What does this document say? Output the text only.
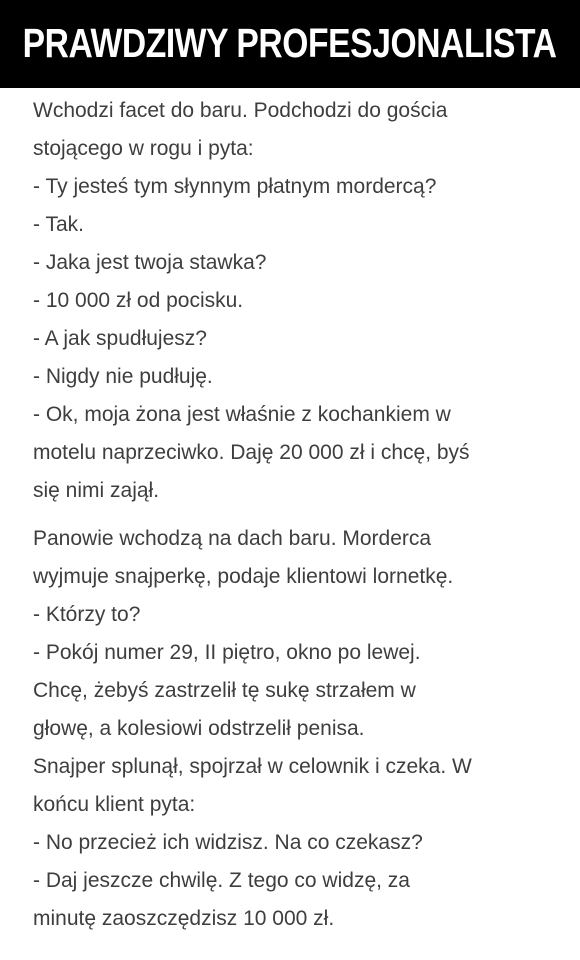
PRAWDZIWY PROFESJONALISTA
Wchodzi facet do baru. Podchodzi do gościa
stojącego w rogu i pyta:
- Ty jesteś tym słynnym płatnym mordercą?
- Tak.
- Jaka jest twoja stawka?
- 10 000 zł od pocisku.
- A jak spudłujesz?
- Nigdy nie pudłuję.
- Ok, moja żona jest właśnie z kochankiem w
motelu naprzeciwko. Daję 20 000 zł i chcę, byś
się nimi zajął.
Panowie wchodzą na dach baru. Morderca
wyjmuje snajperkę, podaje klientowi lornetkę.
- Którzy to?
- Pokój numer 29, II piętro, okno po lewej.
Chcę, żebyś zastrzelił tę sukę strzałem w
głowę, a kolesiowi odstrzelił penisa.
Snajper splunął, spojrzał w celownik i czeka. W
końcu klient pyta:
- No przecież ich widzisz. Na co czekasz?
- Daj jeszcze chwilę. Z tego co widzę, za
minutę zaoszczędzisz 10 000 zł.
